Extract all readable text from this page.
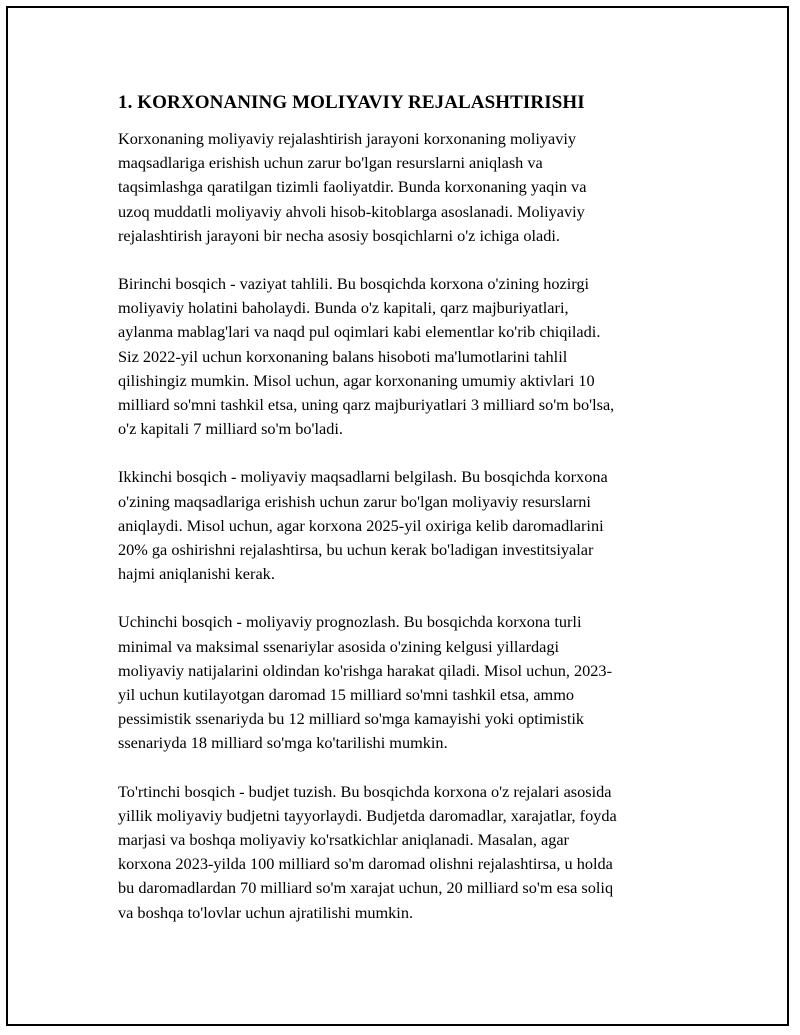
1. KORXONANING MOLIYAVIY REJALASHTIRISHI

Korxonaning moliyaviy rejalashtirish jarayoni korxonaning moliyaviy
maqsadlariga erishish uchun zarur bo'lgan resurslarni aniqlash va
taqsimlashga qaratilgan tizimli faoliyatdir. Bunda korxonaning yaqin va
uzoq muddatli moliyaviy ahvoli hisob-kitoblarga asoslanadi. Moliyaviy
rejalashtirish jarayoni bir necha asosiy bosqichlarni o'z ichiga oladi.

Birinchi bosqich - vaziyat tahlili. Bu bosqichda korxona o'zining hozirgi
moliyaviy holatini baholaydi. Bunda o'z kapitali, qarz majburiyatlari,
aylanma mablag'lari va naqd pul oqimlari kabi elementlar ko'rib chiqiladi.
Siz 2022-yil uchun korxonaning balans hisoboti ma'lumotlarini tahlil
qilishingiz mumkin. Misol uchun, agar korxonaning umumiy aktivlari 10
milliard so'mni tashkil etsa, uning qarz majburiyatlari 3 milliard so'm bo'lsa,
o'z kapitali 7 milliard so'm bo'ladi.

Ikkinchi bosqich - moliyaviy maqsadlarni belgilash. Bu bosqichda korxona
o'zining maqsadlariga erishish uchun zarur bo'lgan moliyaviy resurslarni
aniqlaydi. Misol uchun, agar korxona 2025-yil oxiriga kelib daromadlarini
20% ga oshirishni rejalashtirsa, bu uchun kerak bo'ladigan investitsiyalar
hajmi aniqlanishi kerak.

Uchinchi bosqich - moliyaviy prognozlash. Bu bosqichda korxona turli
minimal va maksimal ssenariylar asosida o'zining kelgusi yillardagi
moliyaviy natijalarini oldindan ko'rishga harakat qiladi. Misol uchun, 2023-
yil uchun kutilayotgan daromad 15 milliard so'mni tashkil etsa, ammo
pessimistik ssenariyda bu 12 milliard so'mga kamayishi yoki optimistik
ssenariyda 18 milliard so'mga ko'tarilishi mumkin.

To'rtinchi bosqich - budjet tuzish. Bu bosqichda korxona o'z rejalari asosida
yillik moliyaviy budjetni tayyorlaydi. Budjetda daromadlar, xarajatlar, foyda
marjasi va boshqa moliyaviy ko'rsatkichlar aniqlanadi. Masalan, agar
korxona 2023-yilda 100 milliard so'm daromad olishni rejalashtirsa, u holda
bu daromadlardan 70 milliard so'm xarajat uchun, 20 milliard so'm esa soliq
va boshqa to'lovlar uchun ajratilishi mumkin.
